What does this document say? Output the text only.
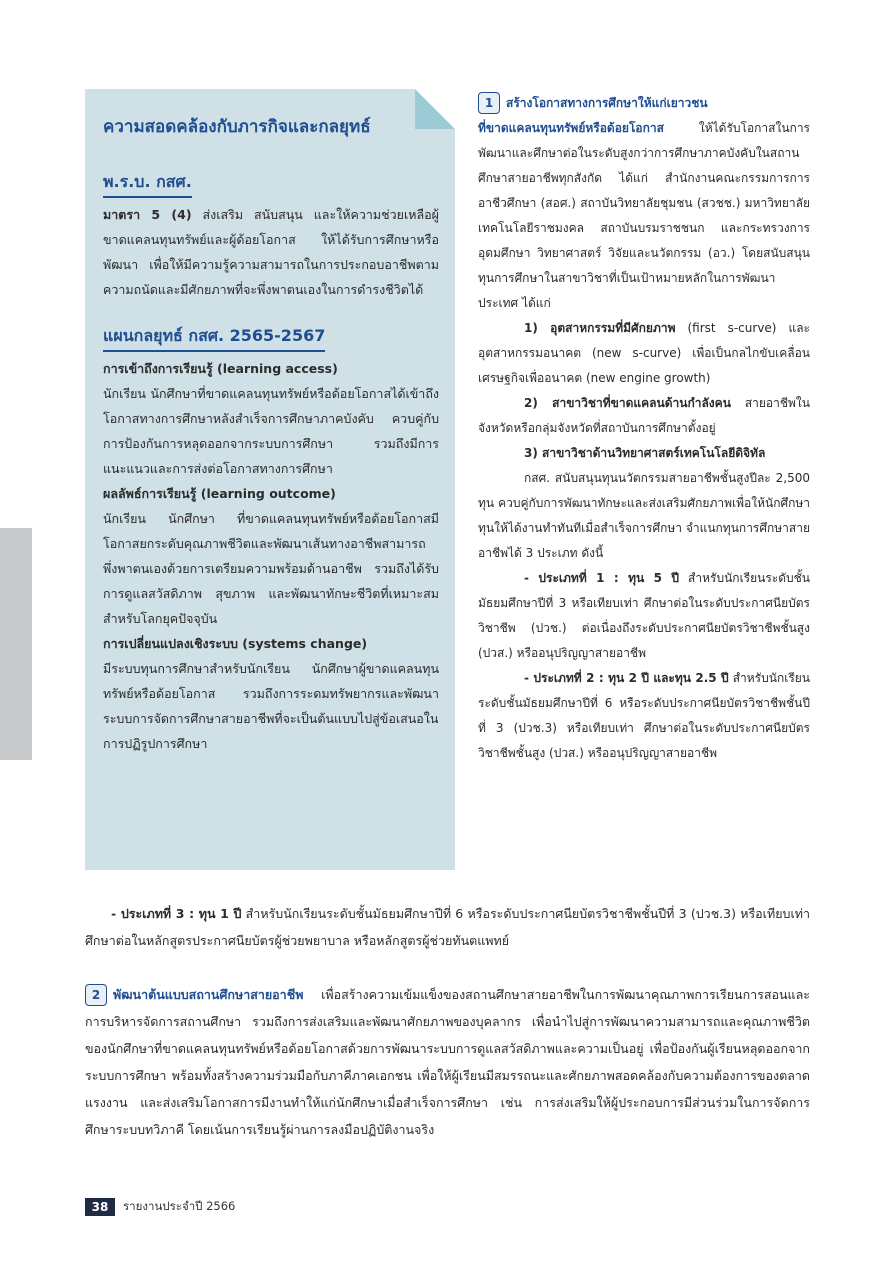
ความสอดคล้องกับภารกิจและกลยุทธ์
พ.ร.บ. กสศ.

มาตรา 5 (4) ส่งเสริม สนับสนุน และให้ความช่วยเหลือผู้ขาดแคลนทุนทรัพย์และผู้ด้อยโอกาส ให้ได้รับการศึกษาหรือพัฒนา เพื่อให้มีความรู้ความสามารถในการประกอบอาชีพตามความถนัดและมีศักยภาพที่จะพึ่งพาตนเองในการดำรงชีวิตได้

แผนกลยุทธ์ กสศ. 2565-2567
การเข้าถึงการเรียนรู้ (learning access)

นักเรียน นักศึกษาที่ขาดแคลนทุนทรัพย์หรือด้อยโอกาสได้เข้าถึงโอกาสทางการศึกษาหลังสำเร็จการศึกษาภาคบังคับ ควบคู่กับการป้องกันการหลุดออกจากระบบการศึกษา รวมถึงมีการแนะแนวและการส่งต่อโอกาสทางการศึกษา

ผลลัพธ์การเรียนรู้ (learning outcome)

นักเรียน นักศึกษา ที่ขาดแคลนทุนทรัพย์หรือด้อยโอกาสมีโอกาสยกระดับคุณภาพชีวิตและพัฒนาเส้นทางอาชีพสามารถพึ่งพาตนเองด้วยการเตรียมความพร้อมด้านอาชีพ รวมถึงได้รับการดูแลสวัสดิภาพ สุขภาพ และพัฒนาทักษะชีวิตที่เหมาะสมสำหรับโลกยุคปัจจุบัน

การเปลี่ยนแปลงเชิงระบบ (systems change)

มีระบบทุนการศึกษาสำหรับนักเรียน นักศึกษาผู้ขาดแคลนทุนทรัพย์หรือด้อยโอกาส รวมถึงการระดมทรัพยากรและพัฒนาระบบการจัดการศึกษาสายอาชีพที่จะเป็นต้นแบบไปสู่ข้อเสนอในการปฏิรูปการศึกษา

1 สร้างโอกาสทางการศึกษาให้แก่เยาวชน

ที่ขาดแคลนทุนทรัพย์หรือด้อยโอกาส ให้ได้รับโอกาสในการพัฒนาและศึกษาต่อในระดับสูงกว่าการศึกษาภาคบังคับในสถานศึกษาสายอาชีพทุกสังกัด ได้แก่ สำนักงานคณะกรรมการการอาชีวศึกษา (สอศ.) สถาบันวิทยาลัยชุมชน (สวชช.) มหาวิทยาลัยเทคโนโลยีราชมงคล สถาบันบรมราชชนก และกระทรวงการอุดมศึกษา วิทยาศาสตร์ วิจัยและนวัตกรรม (อว.) โดยสนับสนุนทุนการศึกษาในสาขาวิชาที่เป็นเป้าหมายหลักในการพัฒนาประเทศ ได้แก่

1) อุตสาหกรรมที่มีศักยภาพ (first s-curve) และอุตสาหกรรมอนาคต (new s-curve) เพื่อเป็นกลไกขับเคลื่อนเศรษฐกิจเพื่ออนาคต (new engine growth)

2) สาขาวิชาที่ขาดแคลนด้านกำลังคน สายอาชีพในจังหวัดหรือกลุ่มจังหวัดที่สถาบันการศึกษาตั้งอยู่

3) สาขาวิชาด้านวิทยาศาสตร์เทคโนโลยีดิจิทัล

กสศ. สนับสนุนทุนนวัตกรรมสายอาชีพชั้นสูงปีละ 2,500 ทุน ควบคู่กับการพัฒนาทักษะและส่งเสริมศักยภาพเพื่อให้นักศึกษาทุนให้ได้งานทำทันทีเมื่อสำเร็จการศึกษา จำแนกทุนการศึกษาสายอาชีพได้ 3 ประเภท ดังนี้

- ประเภทที่ 1 : ทุน 5 ปี สำหรับนักเรียนระดับชั้นมัธยมศึกษาปีที่ 3 หรือเทียบเท่า ศึกษาต่อในระดับประกาศนียบัตรวิชาชีพ (ปวช.) ต่อเนื่องถึงระดับประกาศนียบัตรวิชาชีพชั้นสูง (ปวส.) หรืออนุปริญญาสายอาชีพ

- ประเภทที่ 2 : ทุน 2 ปี และทุน 2.5 ปี สำหรับนักเรียนระดับชั้นมัธยมศึกษาปีที่ 6 หรือระดับประกาศนียบัตรวิชาชีพชั้นปีที่ 3 (ปวช.3) หรือเทียบเท่า ศึกษาต่อในระดับประกาศนียบัตรวิชาชีพชั้นสูง (ปวส.) หรืออนุปริญญาสายอาชีพ

- ประเภทที่ 3 : ทุน 1 ปี สำหรับนักเรียนระดับชั้นมัธยมศึกษาปีที่ 6 หรือระดับประกาศนียบัตรวิชาชีพชั้นปีที่ 3 (ปวช.3) หรือเทียบเท่า ศึกษาต่อในหลักสูตรประกาศนียบัตรผู้ช่วยพยาบาล หรือหลักสูตรผู้ช่วยทันตแพทย์

2 พัฒนาต้นแบบสถานศึกษาสายอาชีพ เพื่อสร้างความเข้มแข็งของสถานศึกษาสายอาชีพในการพัฒนาคุณภาพการเรียนการสอนและการบริหารจัดการสถานศึกษา รวมถึงการส่งเสริมและพัฒนาศักยภาพของบุคลากร เพื่อนำไปสู่การพัฒนาความสามารถและคุณภาพชีวิตของนักศึกษาที่ขาดแคลนทุนทรัพย์หรือด้อยโอกาสด้วยการพัฒนาระบบการดูแลสวัสดิภาพและความเป็นอยู่ เพื่อป้องกันผู้เรียนหลุดออกจากระบบการศึกษา พร้อมทั้งสร้างความร่วมมือกับภาคีภาคเอกชน เพื่อให้ผู้เรียนมีสมรรถนะและศักยภาพสอดคล้องกับความต้องการของตลาดแรงงาน และส่งเสริมโอกาสการมีงานทำให้แก่นักศึกษาเมื่อสำเร็จการศึกษา เช่น การส่งเสริมให้ผู้ประกอบการมีส่วนร่วมในการจัดการศึกษาระบบทวิภาคี โดยเน้นการเรียนรู้ผ่านการลงมือปฏิบัติงานจริง

38	รายงานประจำปี 2566
